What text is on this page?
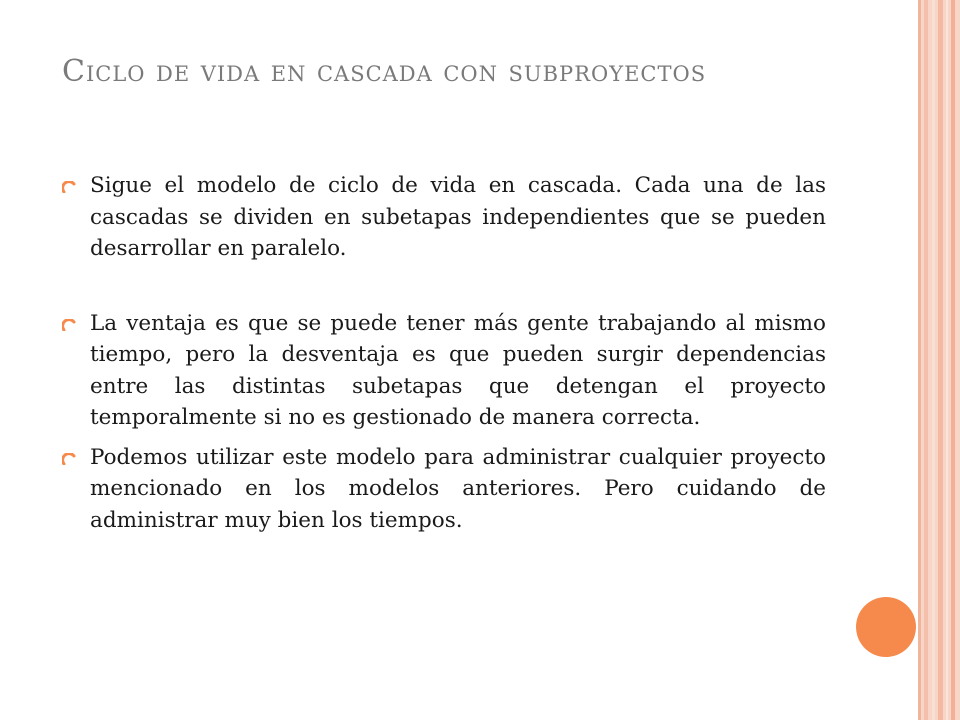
Ciclo de vida en cascada con subproyectos
Sigue el modelo de ciclo de vida en cascada. Cada una de las cascadas se dividen en subetapas independientes que se pueden desarrollar en paralelo.
La ventaja es que se puede tener más gente trabajando al mismo tiempo, pero la desventaja es que pueden surgir dependencias entre las distintas subetapas que detengan el proyecto temporalmente si no es gestionado de manera correcta.
Podemos utilizar este modelo para administrar cualquier proyecto mencionado en los modelos anteriores. Pero cuidando de administrar muy bien los tiempos.
